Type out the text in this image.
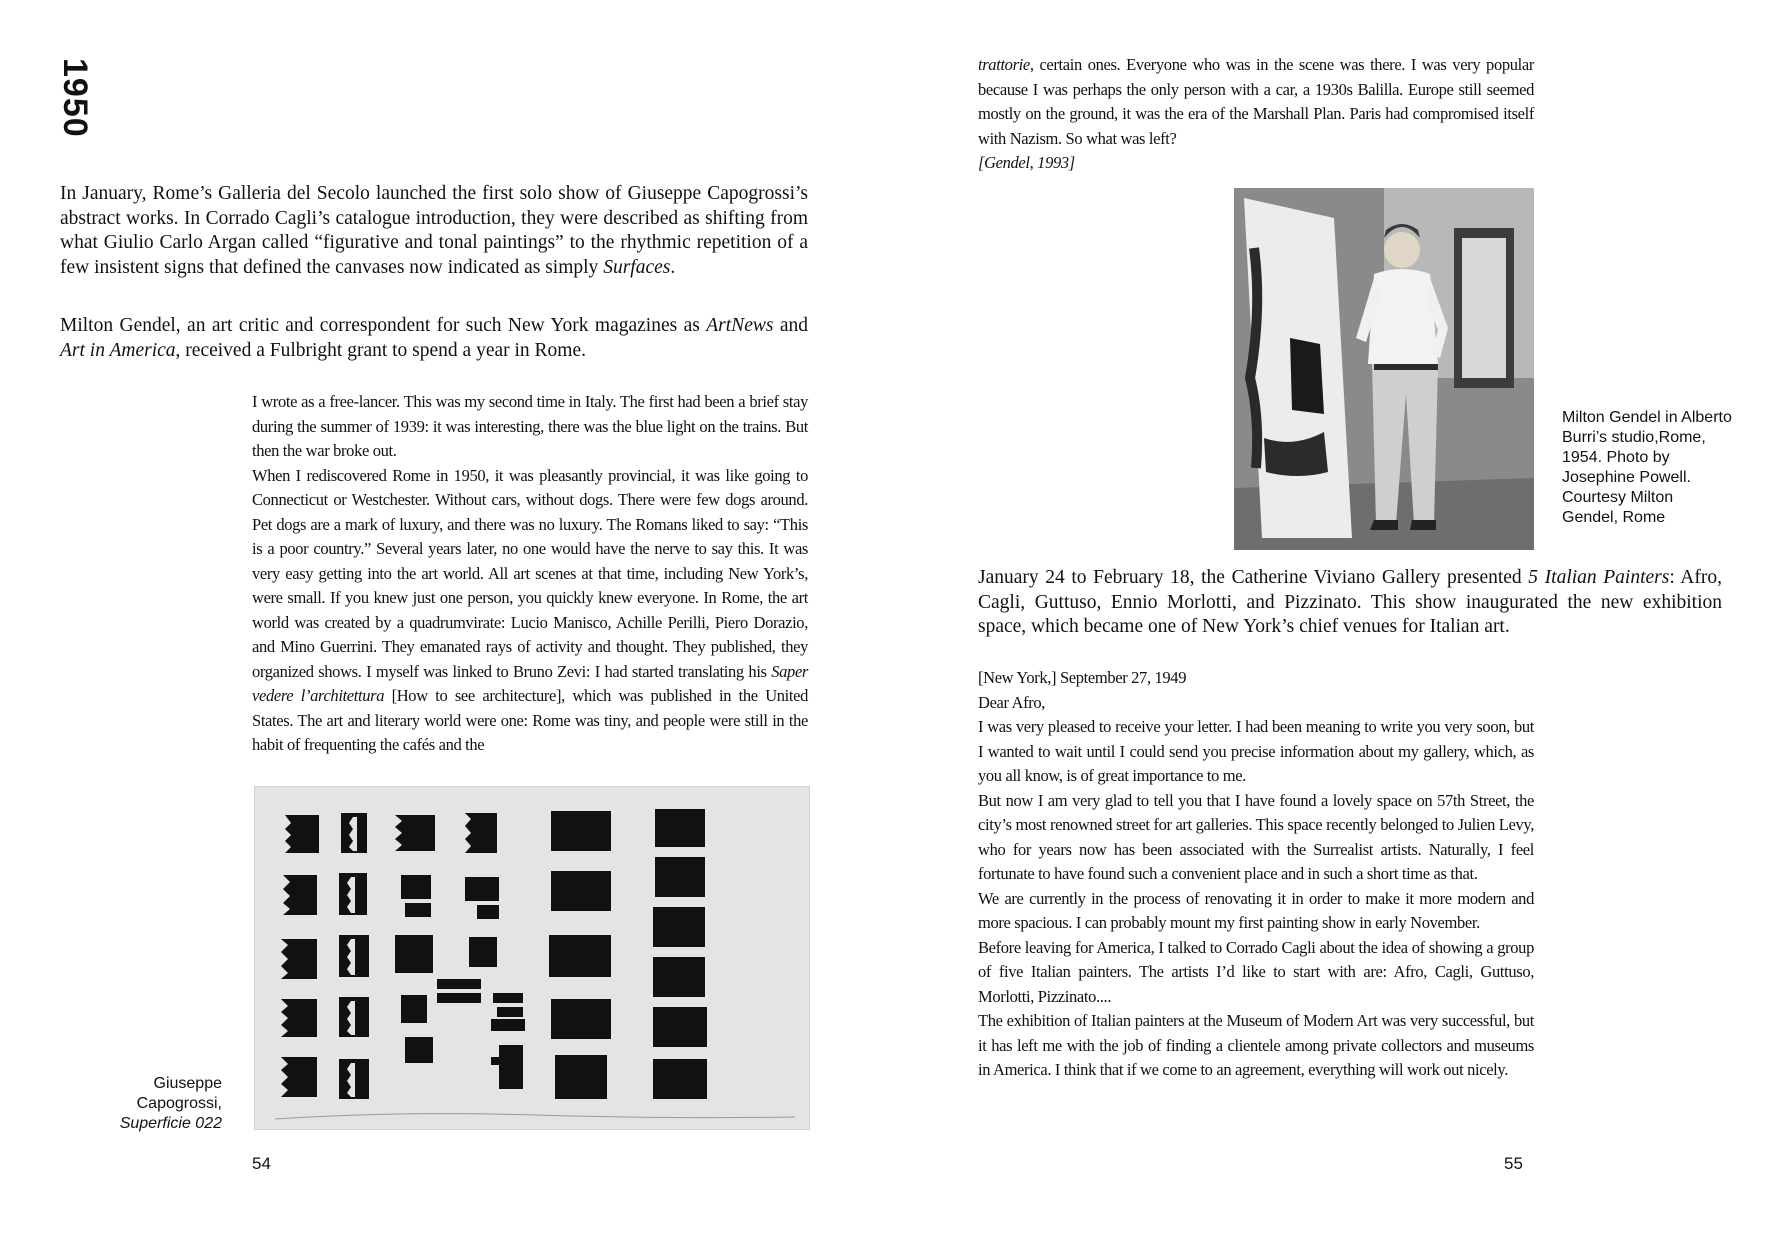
1950

In January, Rome’s Galleria del Secolo launched the first solo show of Giuseppe Capogrossi’s abstract works. In Corrado Cagli’s catalogue introduction, they were described as shifting from what Giulio Carlo Argan called “figurative and tonal paintings” to the rhythmic repetition of a few insistent signs that defined the canvases now indicated as simply Surfaces.

Milton Gendel, an art critic and correspondent for such New York magazines as ArtNews and Art in America, received a Fulbright grant to spend a year in Rome.

I wrote as a free-lancer. This was my second time in Italy. The first had been a brief stay during the summer of 1939: it was interesting, there was the blue light on the trains. But then the war broke out.

When I rediscovered Rome in 1950, it was pleasantly provincial, it was like going to Connecticut or Westchester. Without cars, without dogs. There were few dogs around. Pet dogs are a mark of luxury, and there was no luxury. The Romans liked to say: “This is a poor country.” Several years later, no one would have the nerve to say this. It was very easy getting into the art world. All art scenes at that time, including New York’s, were small. If you knew just one person, you quickly knew everyone. In Rome, the art world was created by a quadrumvirate: Lucio Manisco, Achille Perilli, Piero Dorazio, and Mino Guerrini. They emanated rays of activity and thought. They published, they organized shows. I myself was linked to Bruno Zevi: I had started translating his Saper vedere l’architettura [How to see architecture], which was published in the United States. The art and literary world were one: Rome was tiny, and people were still in the habit of frequenting the cafés and the

Giuseppe
Capogrossi,
Superficie 022
54

trattorie, certain ones. Everyone who was in the scene was there. I was very popular because I was perhaps the only person with a car, a 1930s Balilla. Europe still seemed mostly on the ground, it was the era of the Marshall Plan. Paris had compromised itself with Nazism. So what was left?

[Gendel, 1993]

Milton Gendel in Alberto Burri’s studio,Rome, 1954. Photo by Josephine Powell. Courtesy Milton Gendel, Rome

January 24 to February 18, the Catherine Viviano Gallery presented 5 Italian Painters: Afro, Cagli, Guttuso, Ennio Morlotti, and Pizzinato. This show inaugurated the new exhibition space, which became one of New York’s chief venues for Italian art.

[New York,] September 27, 1949

Dear Afro,

I was very pleased to receive your letter. I had been meaning to write you very soon, but I wanted to wait until I could send you precise information about my gallery, which, as you all know, is of great importance to me.

But now I am very glad to tell you that I have found a lovely space on 57th Street, the city’s most renowned street for art galleries. This space recently belonged to Julien Levy, who for years now has been associated with the Surrealist artists. Naturally, I feel fortunate to have found such a convenient place and in such a short time as that.

We are currently in the process of renovating it in order to make it more modern and more spacious. I can probably mount my first painting show in early November.

Before leaving for America, I talked to Corrado Cagli about the idea of showing a group of five Italian painters. The artists I’d like to start with are: Afro, Cagli, Guttuso, Morlotti, Pizzinato....

The exhibition of Italian painters at the Museum of Modern Art was very successful, but it has left me with the job of finding a clientele among private collectors and museums in America. I think that if we come to an agreement, everything will work out nicely.

55
